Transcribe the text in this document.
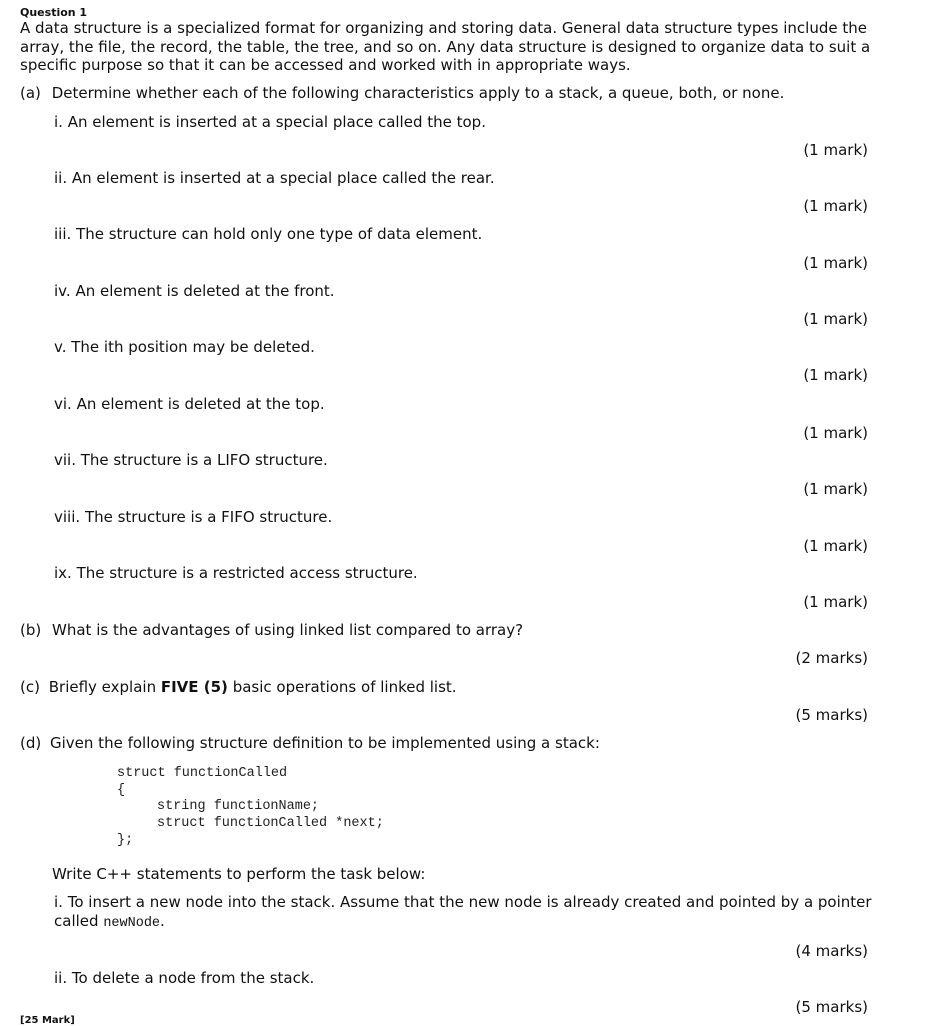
Question 1
A data structure is a specialized format for organizing and storing data. General data structure types include the array, the file, the record, the table, the tree, and so on. Any data structure is designed to organize data to suit a specific purpose so that it can be accessed and worked with in appropriate ways.
(a) Determine whether each of the following characteristics apply to a stack, a queue, both, or none.
i. An element is inserted at a special place called the top.
(1 mark)
ii. An element is inserted at a special place called the rear.
(1 mark)
iii. The structure can hold only one type of data element.
(1 mark)
iv. An element is deleted at the front.
(1 mark)
v. The ith position may be deleted.
(1 mark)
vi. An element is deleted at the top.
(1 mark)
vii. The structure is a LIFO structure.
(1 mark)
viii. The structure is a FIFO structure.
(1 mark)
ix. The structure is a restricted access structure.
(1 mark)
(b) What is the advantages of using linked list compared to array?
(2 marks)
(c) Briefly explain FIVE (5) basic operations of linked list.
(5 marks)
(d) Given the following structure definition to be implemented using a stack:
struct functionCalled
{
string functionName;
struct functionCalled *next;
};
Write C++ statements to perform the task below:
i. To insert a new node into the stack. Assume that the new node is already created and pointed by a pointer called newNode.
(4 marks)
ii. To delete a node from the stack.
(5 marks)
[25 Mark]
